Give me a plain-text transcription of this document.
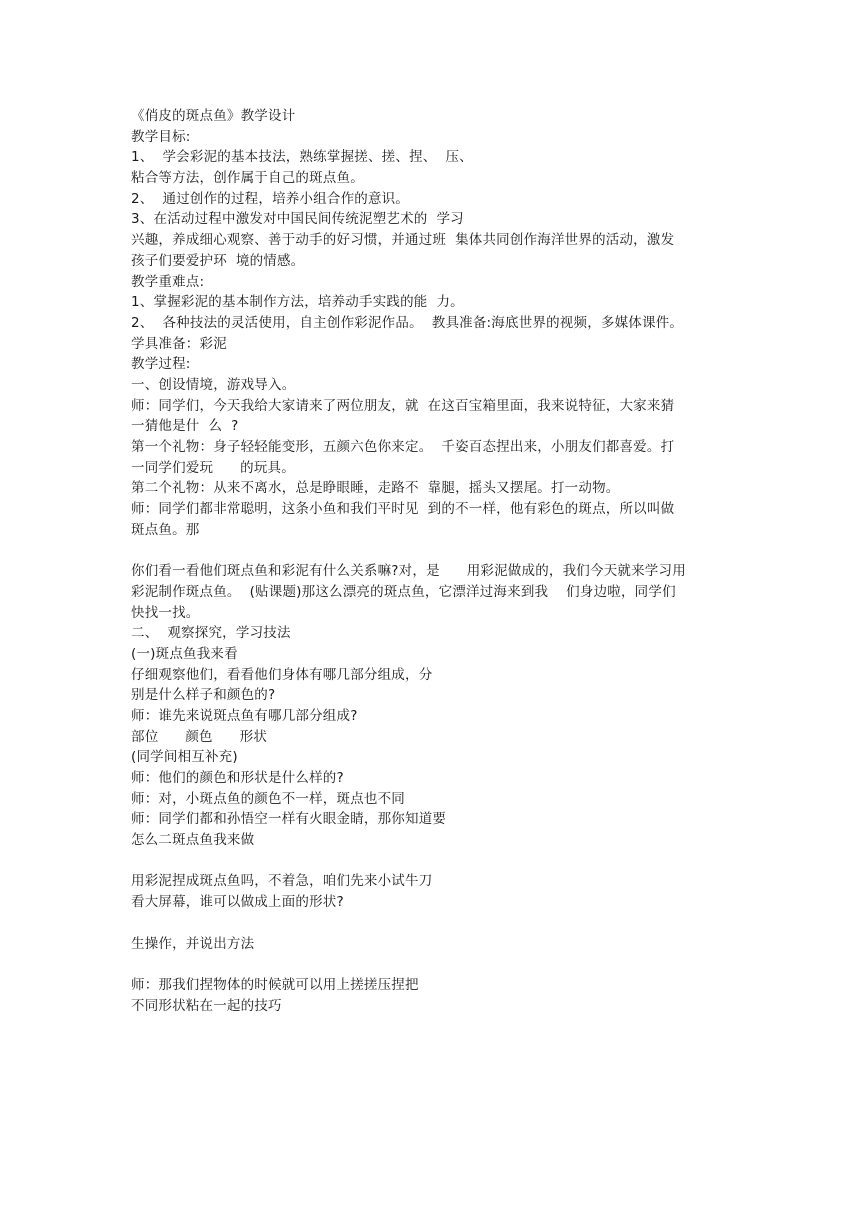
《俏皮的斑点鱼》教学设计
教学目标:
1、  学会彩泥的基本技法，熟练掌握搓、搓、捏、  压、
粘合等方法，创作属于自己的斑点鱼。
2、  通过创作的过程，培养小组合作的意识。
3、在活动过程中激发对中国民间传统泥塑艺术的  学习
兴趣，养成细心观察、善于动手的好习惯，并通过班  集体共同创作海洋世界的活动，激发
孩子们要爱护环  境的情感。
教学重难点:
1、掌握彩泥的基本制作方法，培养动手实践的能  力。
2、  各种技法的灵活使用，自主创作彩泥作品。  教具准备:海底世界的视频，多媒体课件。
学具准备：彩泥
教学过程:
一、创设情境，游戏导入。
师：同学们，今天我给大家请来了两位朋友，就  在这百宝箱里面，我来说特征，大家来猜
一猜他是什  么  ?
第一个礼物：身子轻轻能变形，五颜六色你来定。  千姿百态捏出来，小朋友们都喜爱。打
一同学们爱玩      的玩具。
第二个礼物：从来不离水，总是睁眼睡，走路不  靠腿，摇头又摆尾。打一动物。
师：同学们都非常聪明，这条小鱼和我们平时见  到的不一样，他有彩色的斑点，所以叫做
斑点鱼。那
你们看一看他们斑点鱼和彩泥有什么关系嘛?对，是      用彩泥做成的，我们今天就来学习用
彩泥制作斑点鱼。  (贴课题)那这么漂亮的斑点鱼，它漂洋过海来到我    们身边啦，同学们
快找一找。
二、  观察探究，学习技法
(一)斑点鱼我来看
仔细观察他们，看看他们身体有哪几部分组成，分
别是什么样子和颜色的?
师：谁先来说斑点鱼有哪几部分组成?
部位      颜色      形状
(同学间相互补充)
师：他们的颜色和形状是什么样的?
师：对，小斑点鱼的颜色不一样，斑点也不同
师：同学们都和孙悟空一样有火眼金睛，那你知道要
怎么二斑点鱼我来做
用彩泥捏成斑点鱼吗，不着急，咱们先来小试牛刀
看大屏幕，谁可以做成上面的形状?
生操作，并说出方法
师：那我们捏物体的时候就可以用上搓搓压捏把
不同形状粘在一起的技巧
